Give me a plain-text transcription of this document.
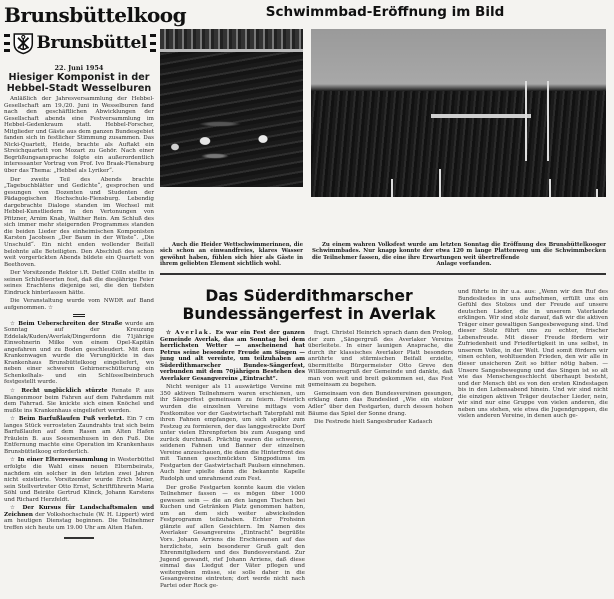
Brunsbüttelkoog
Brunsbüttel
22. Juni 1954
Hiesiger Komponist in der Hebbel-Stadt Wesselburen

Anläßlich der Jahresversammlung der Hebbel-Gesellschaft am 19./20. Juni in Wesselburen fand nach den geschäftlichen Abwicklungen der Gesellschaft abends eine Festversammlung im Hebbel-Gedenkraum statt. Hebbel-Forscher, Mitglieder und Gäste aus dem ganzen Bundesgebiet fanden sich in festlicher Stimmung zusammen. Das Nicki-Quartett, Heide, brachte als Auftakt ein Streichquartett von Mozart zu Gehör. Nach einer Begrüßungsansprache folgte ein außerordentlich interessanter Vortrag von Prof. Ivo Braak-Flensburg über das Thema: „Hebbel als Lyriker“.

Der zweite Teil des Abends brachte „Tagebuchblätter und Gedichte“, gesprochen und gesungen von Dozenten und Studenten der Pädagogischen Hochschule-Flensburg. Lebendig dargebrachte Dialoge standen im Wechsel mit Hebbel-Kunstliedern in den Vertonungen von Pfitzner, Arnim Knab, Walther Rein. Am Schluß des sich immer mehr steigernden Programmes standen die beiden Lieder des einheimischen Komponisten Karsten Jacobsen „Der Baum in der Wüste“. „Die Unschuld“. Ein nicht enden wollender Beifall belohnte alle Beteiligten. Den Abschluß des schon weit vorgerückten Abends bildete ein Quartett von Beethoven.

Der Vorsitzende Rektor i.R. Detlef Cölln stellte in seinen Schlußworten fest, daß die diesjährige Feier seines Erachtens diejenige sei, die den tiefsten Eindruck hinterlassen hätte.

Die Veranstaltung wurde vom NWDR auf Band aufgenommen. ☆

☆ Beim Ueberschreiten der Straße wurde am Sonntag auf der Kreuzung Eddelak/Kuden/Averlak/Dingerdonn die 71jährige Einwohnerin Milke von einem Opel-Kapitän angefahren und zu Boden geschleudert. Mit dem Krankenwagen wurde die Verunglückte in das Krankenhaus Brunsbüttelkoog eingeliefert, wo neben einer schweren Gehirnerschütterung ein Schenkelhals- und ein Schlüsselbeinbruch festgestellt wurde.

☆ Recht unglücklich stürzte Renate P. aus Blangenmoor beim Fahren auf dem Fahrdamm mit dem Fahrrad. Sie knickte sich einen Knöchel und mußte ins Krankenhaus eingeliefert werden.

☆ Beim Barfußlaufen Fuß verletzt. Ein 7 cm langes Stück verrosteten Zaundrahts trat sich beim Barfußlaufen auf dem Rasen am Alten Hafen Fräulein B. aus Soesmenhusen in den Fuß. Die Entfernung machte eine Operation im Krankenhaus Brunsbüttelkoog erforderlich.

☆ In einer Elternversammlung in Westerbüttel erfolgte die Wahl eines neuen Elternbeirats, nachdem ein solcher in den letzten zwei Jahren nicht existierte. Vorsitzender wurde Erich Meier, sein Stellvertreter Otto Ernst, Schriftführerin Maria Söhl und Beiräte Gertrud Klinck, Johann Karstens und Richard Herzfeldt.

☆ Der Kursus für Landschaftsmalen und Zeichnen der Volkshochschule (W. H. Lippert) wird am heutigen Dienstag beginnen. Die Teilnehmer treffen sich heute um 19.00 Uhr am Alten Hafen.

Schwimmbad-Eröffnung im Bild
Auch die Heider Wettschwimmerinnen, die sich schon an einwandfreies, klares Wasser gewöhnt haben, fühlen sich hier als Gäste in ihrem geliebten Element sichtlich wohl.
Zu einem wahren Volksfest wurde am letzten Sonntag die Eröffnung des Brunsbüttelkooger Schwimmbades. Nur knapp konnte der etwa 120 m lange Plattenweg um die Schwimmbecken die Teilnehmer fassen, die eine ihre Erwartungen weit übertreffende
Anlage vorfanden.
Das Süderdithmarscher Bundessängerfest in Averlak

☆ Averlak. Es war ein Fest der ganzen Gemeinde Averlak, das am Sonntag bei dem herrlichsten Wetter — anscheinend hat Petrus seine besondere Freude am Singen — jung und alt vereinte, um teilzuhaben am Süderdithmarscher Bundes-Sängerfest, verbunden mit dem 70jährigen Bestehen des Averlaker Gesangvereins „Eintracht“.

Nicht weniger als 11 auswärtige Vereine mit 350 aktiven Teilnehmern waren erschienen, um ihr Sängerfest gemeinsam zu feiern. Feierlich wurden die einzelnen Vereine mittags vom Festkomitee vor der Gastwirtschaft Taterpfahl mit ihren Fahnen empfangen, um sich später zum Festzug zu formieren, der das langgestreckte Dorf unter vielen Ehrenpforten bis zum Ausgang und zurück durchmaß. Prächtig waren die schweren, seidenen Fahnen und Banner der einzelnen Vereine anzuschauen, die dann die Hinterfront des mit Tannen geschmückten Singpodiums im Festgarten der Gastwirtschaft Paulsen einnehmen. Auch hier spielte dann die bekannte Kapelle Rudolph und umrahmend zum Fest.

Der große Festgarten konnte kaum die vielen Teilnehmer fassen — es mögen über 1000 gewesen sein — die an den langen Tischen bei Kuchen und Getränken Platz genommen hatten, um an dem sich weiter abwickelnden Festprogramm teilzuhaben. Echter Frohsinn glänzte auf allen Gesichtern. Im Namen des Averlaker Gesangvereins „Eintracht“ begrüßte Vors. Johann Arriens die Erschienenen auf das herzlichste, sein besonderer Gruß galt den Ehrenmitgliedern und des Bundesverstand. Zur Jugend gewandt, rief Johann Arriens, daß diese einmal das Liedgut der Väter pflegen und weitergeben müsse, sie solle daher in die Gesangvereine eintreten; dort werde nicht nach Partei oder Rock ge-

fragt. Christel Heinrich sprach dann den Prolog, der zum „Sängergruß des Averlaker Vereins überleitete. In einer launigen Ansprache, die durch ihr klassisches Averlaker Platt besonders anrührte und stürmischen Beifall erzielte, übermittelte Bürgermeister Otto Greve den Willkommensgruß der Gemeinde und dankte, daß man von weit und breit gekommen sei, das Fest gemeinsam zu begehen.

Gemeinsam von den Bundesvereinen gesungen, erklang dann das Bundeslied „Wie ein stolzer Adler“ über den Festgarten, durch dessen hohen Bäume das Spiel der Sonne drang.

Die Festrede hielt Sangesbruder Kadasch

und führte in ihr u.a. aus: „Wenn wir den Ruf des Bundesliedes in uns aufnehmen, erfüllt uns ein Gefühl des Stolzes und der Freude auf unsere deutschen Lieder, die in unserem Vaterlande erklingen. Wir sind stolz darauf, daß wir die aktiven Träger einer gewaltigen Sangesbewegung sind. Und dieser Stolz führt uns zu echter, frischer Lebensfreude. Mit dieser Freude fördern wir Zufriedenheit und Friedfertigkeit in uns selbst, in unserem Volke, in der Welt. Und somit fördern wir einen echten, wohltuenden Frieden, den wir alle in dieser unsicheren Zeit so bitter nötig haben. — Unsere Sangesbewegung und das Singen ist so alt wie das Menschengeschlecht überhaupt besteht, und der Mensch übt es von den ersten Kindestagen bis in den Lebensabend hinein. Und wir sind nicht die einzigen aktiven Träger deutscher Lieder, nein, wir sind nur eine Gruppe von vielen anderen, die neben uns stehen, wie etwa die Jugendgruppen, die vielen anderen Vereine, in denen auch ge-
